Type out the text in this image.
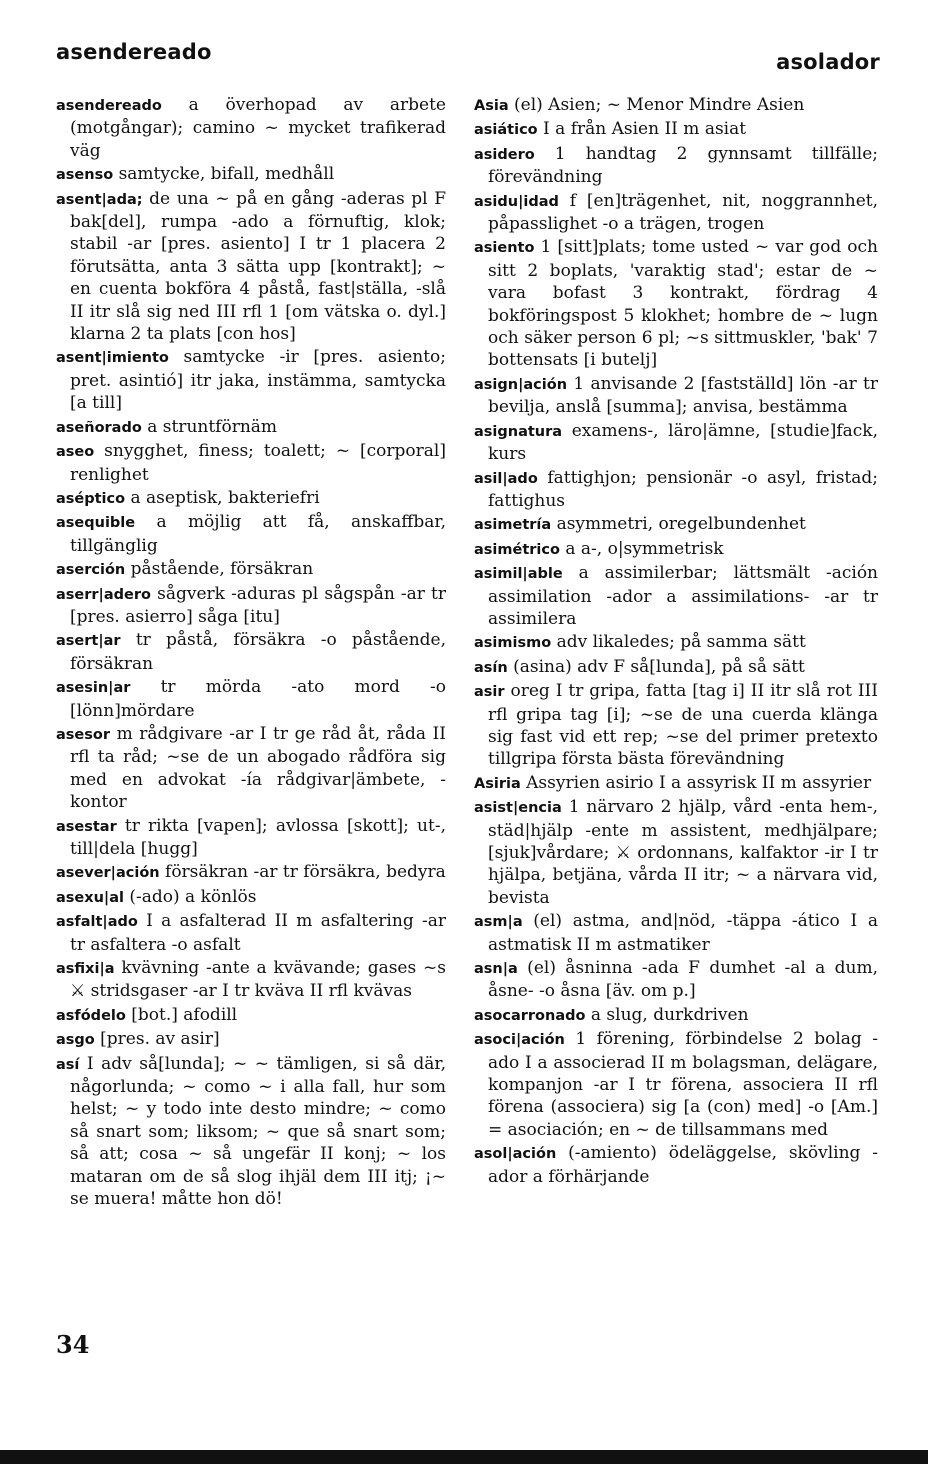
asendereado	asolador

asendereado a överhopad av arbete (motgångar); camino ~ mycket trafikerad väg

asenso samtycke, bifall, medhåll

asent|ada; de una ~ på en gång -aderas pl F bak[del], rumpa -ado a förnuftig, klok; stabil -ar [pres. asiento] I tr 1 placera 2 förutsätta, anta 3 sätta upp [kontrakt]; ~ en cuenta bokföra 4 påstå, fast|ställa, -slå II itr slå sig ned III rfl 1 [om vätska o. dyl.] klarna 2 ta plats [con hos]

asent|imiento samtycke -ir [pres. asiento; pret. asintió] itr jaka, instämma, samtycka [a till]

aseñorado a struntförnäm

aseo snygghet, finess; toalett; ~ [corporal] renlighet

aséptico a aseptisk, bakteriefri

asequible a möjlig att få, anskaffbar, tillgänglig

aserción påstående, försäkran

aserr|adero sågverk -aduras pl sågspån -ar tr [pres. asierro] såga [itu]

asert|ar tr påstå, försäkra -o påstående, försäkran

asesin|ar tr mörda -ato mord -o [lönn]mördare

asesor m rådgivare -ar I tr ge råd åt, råda II rfl ta råd; ~se de un abogado rådföra sig med en advokat -ía rådgivar|ämbete, -kontor

asestar tr rikta [vapen]; avlossa [skott]; ut-, till|dela [hugg]

asever|ación försäkran -ar tr försäkra, bedyra

asexu|al (-ado) a könlös

asfalt|ado I a asfalterad II m asfaltering -ar tr asfaltera -o asfalt

asfixi|a kvävning -ante a kvävande; gases ~s ⚔ stridsgaser -ar I tr kväva II rfl kvävas

asfódelo [bot.] afodill

asgo [pres. av asir]

así I adv så[lunda]; ~ ~ tämligen, si så där, någorlunda; ~ como ~ i alla fall, hur som helst; ~ y todo inte desto mindre; ~ como så snart som; liksom; ~ que så snart som; så att; cosa ~ så ungefär II konj; ~ los mataran om de så slog ihjäl dem III itj; ¡~ se muera! måtte hon dö!

Asia (el) Asien; ~ Menor Mindre Asien

asiático I a från Asien II m asiat

asidero 1 handtag 2 gynnsamt tillfälle; förevändning

asidu|idad f [en]trägenhet, nit, noggrannhet, påpasslighet -o a trägen, trogen

asiento 1 [sitt]plats; tome usted ~ var god och sitt 2 boplats, 'varaktig stad'; estar de ~ vara bofast 3 kontrakt, fördrag 4 bokföringspost 5 klokhet; hombre de ~ lugn och säker person 6 pl; ~s sittmuskler, 'bak' 7 bottensats [i butelj]

asign|ación 1 anvisande 2 [fastställd] lön -ar tr bevilja, anslå [summa]; anvisa, bestämma

asignatura examens-, läro|ämne, [studie]fack, kurs

asil|ado fattighjon; pensionär -o asyl, fristad; fattighus

asimetría asymmetri, oregelbundenhet

asimétrico a a-, o|symmetrisk

asimil|able a assimilerbar; lättsmält -ación assimilation -ador a assimilations- -ar tr assimilera

asimismo adv likaledes; på samma sätt

asín (asina) adv F så[lunda], på så sätt

asir oreg I tr gripa, fatta [tag i] II itr slå rot III rfl gripa tag [i]; ~se de una cuerda klänga sig fast vid ett rep; ~se del primer pretexto tillgripa första bästa förevändning

Asiria Assyrien asirio I a assyrisk II m assyrier

asist|encia 1 närvaro 2 hjälp, vård -enta hem-, städ|hjälp -ente m assistent, medhjälpare; [sjuk]vårdare; ⚔ ordonnans, kalfaktor -ir I tr hjälpa, betjäna, vårda II itr; ~ a närvara vid, bevista

asm|a (el) astma, and|nöd, -täppa -ático I a astmatisk II m astmatiker

asn|a (el) åsninna -ada F dumhet -al a dum, åsne- -o åsna [äv. om p.]

asocarronado a slug, durkdriven

asoci|ación 1 förening, förbindelse 2 bolag -ado I a associerad II m bolagsman, delägare, kompanjon -ar I tr förena, associera II rfl förena (associera) sig [a (con) med] -o [Am.] = asociación; en ~ de tillsammans med

asol|ación (-amiento) ödeläggelse, skövling -ador a förhärjande

34
